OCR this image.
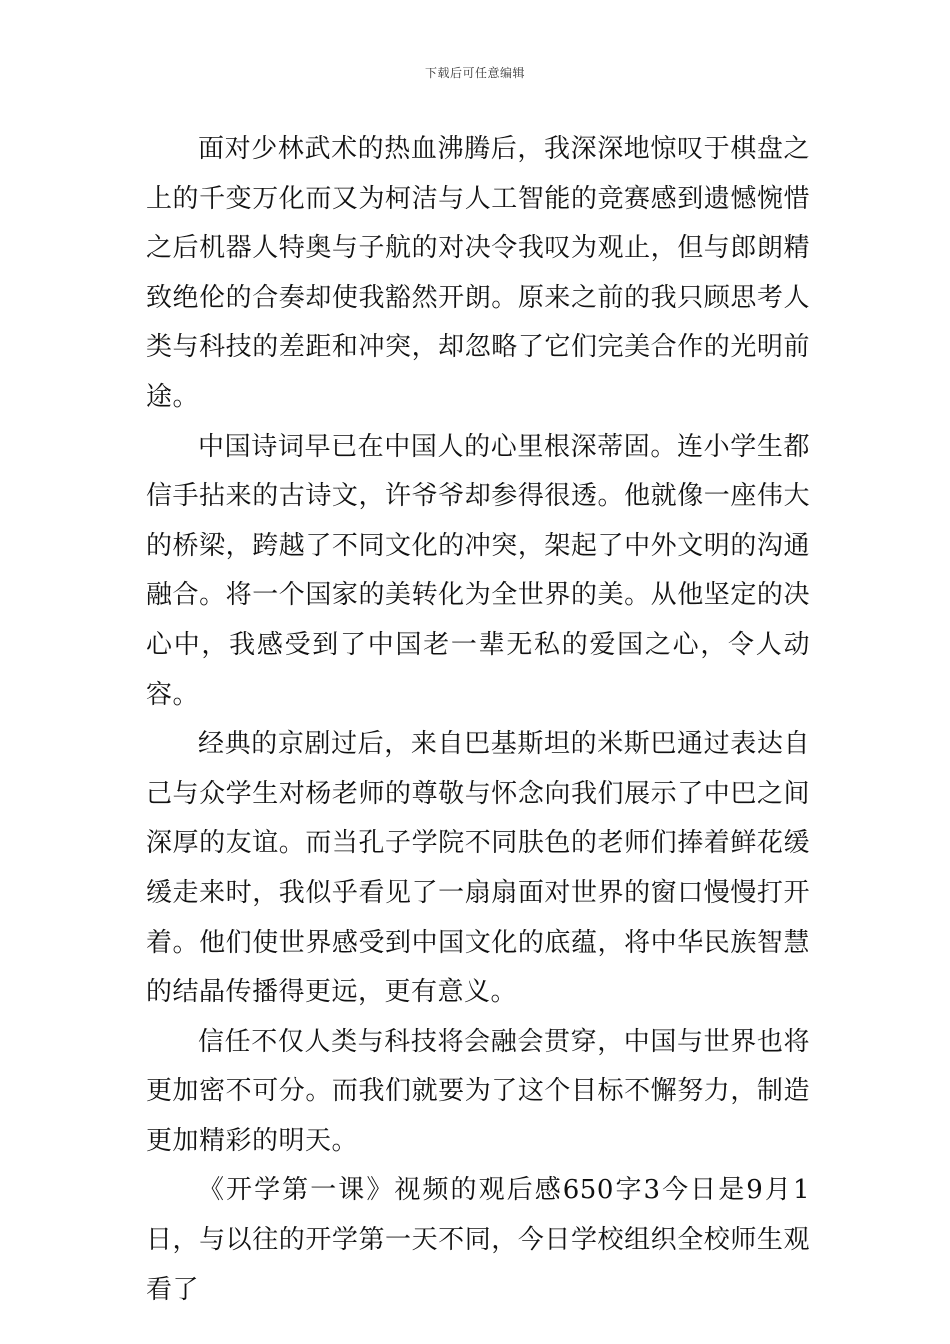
下载后可任意编辑

面对少林武术的热血沸腾后，我深深地惊叹于棋盘之上的千变万化而又为柯洁与人工智能的竞赛感到遗憾惋惜之后机器人特奥与子航的对决令我叹为观止，但与郎朗精致绝伦的合奏却使我豁然开朗。原来之前的我只顾思考人类与科技的差距和冲突，却忽略了它们完美合作的光明前途。

中国诗词早已在中国人的心里根深蒂固。连小学生都信手拈来的古诗文，许爷爷却参得很透。他就像一座伟大的桥梁，跨越了不同文化的冲突，架起了中外文明的沟通融合。将一个国家的美转化为全世界的美。从他坚定的决心中，我感受到了中国老一辈无私的爱国之心，令人动容。

经典的京剧过后，来自巴基斯坦的米斯巴通过表达自己与众学生对杨老师的尊敬与怀念向我们展示了中巴之间深厚的友谊。而当孔子学院不同肤色的老师们捧着鲜花缓缓走来时，我似乎看见了一扇扇面对世界的窗口慢慢打开着。他们使世界感受到中国文化的底蕴，将中华民族智慧的结晶传播得更远，更有意义。

信任不仅人类与科技将会融会贯穿，中国与世界也将更加密不可分。而我们就要为了这个目标不懈努力，制造更加精彩的明天。

《开学第一课》视频的观后感650字3今日是9月1日，与以往的开学第一天不同，今日学校组织全校师生观看了
